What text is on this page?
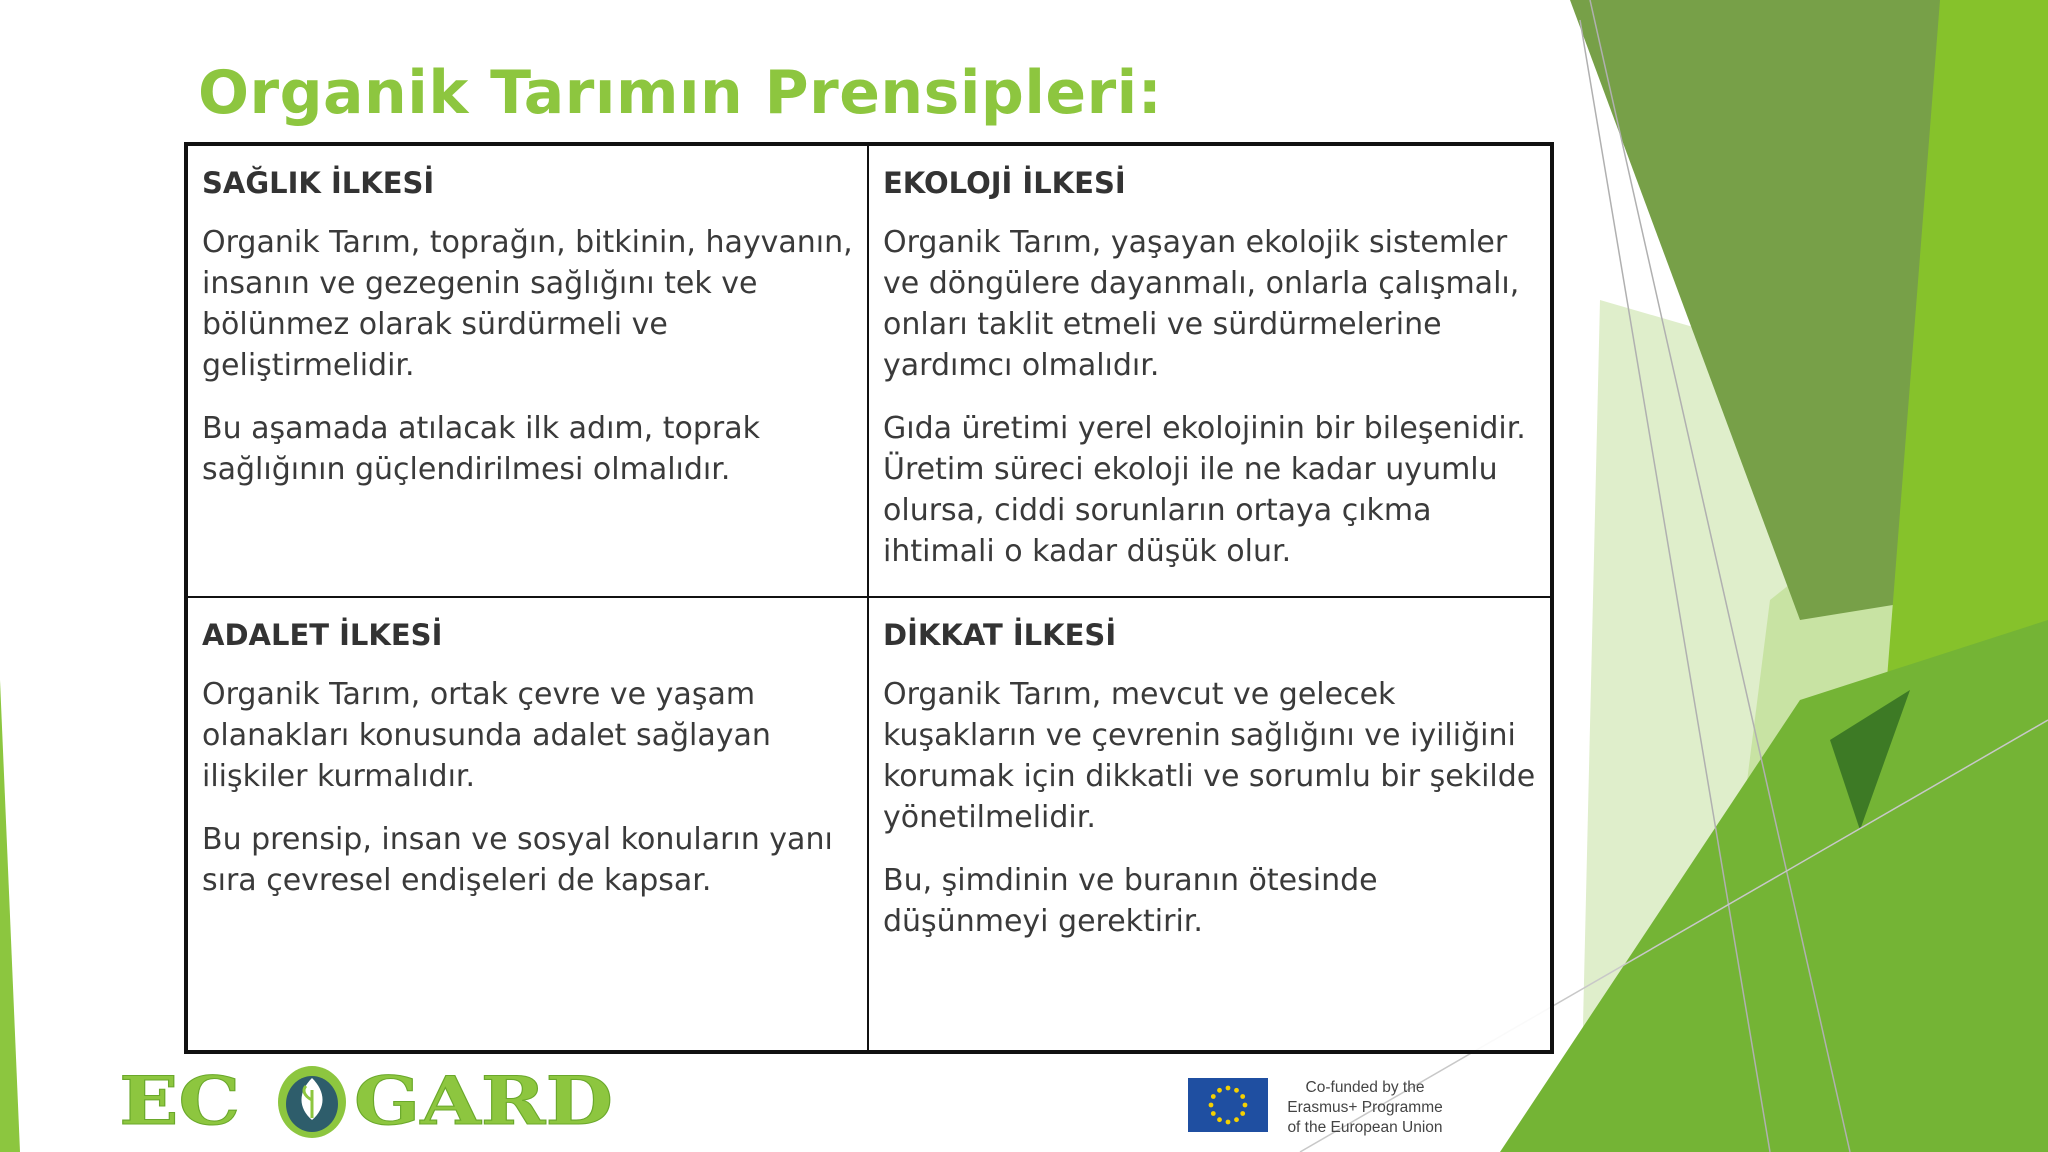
Organik Tarımın Prensipleri:
SAĞLIK İLKESİ

Organik Tarım, toprağın, bitkinin, hayvanın, insanın ve gezegenin sağlığını tek ve bölünmez olarak sürdürmeli ve geliştirmelidir.

Bu aşamada atılacak ilk adım, toprak sağlığının güçlendirilmesi olmalıdır.

EKOLOJİ İLKESİ

Organik Tarım, yaşayan ekolojik sistemler ve döngülere dayanmalı, onlarla çalışmalı, onları taklit etmeli ve sürdürmelerine yardımcı olmalıdır.

Gıda üretimi yerel ekolojinin bir bileşenidir. Üretim süreci ekoloji ile ne kadar uyumlu olursa, ciddi sorunların ortaya çıkma ihtimali o kadar düşük olur.

ADALET İLKESİ

Organik Tarım, ortak çevre ve yaşam olanakları konusunda adalet sağlayan ilişkiler kurmalıdır.

Bu prensip, insan ve sosyal konuların yanı sıra çevresel endişeleri de kapsar.

DİKKAT İLKESİ

Organik Tarım, mevcut ve gelecek kuşakların ve çevrenin sağlığını ve iyiliğini korumak için dikkatli ve sorumlu bir şekilde yönetilmelidir.

Bu, şimdinin ve buranın ötesinde düşünmeyi gerektirir.

EC GARD	Co-funded by the
Erasmus+ Programme
of the European Union
